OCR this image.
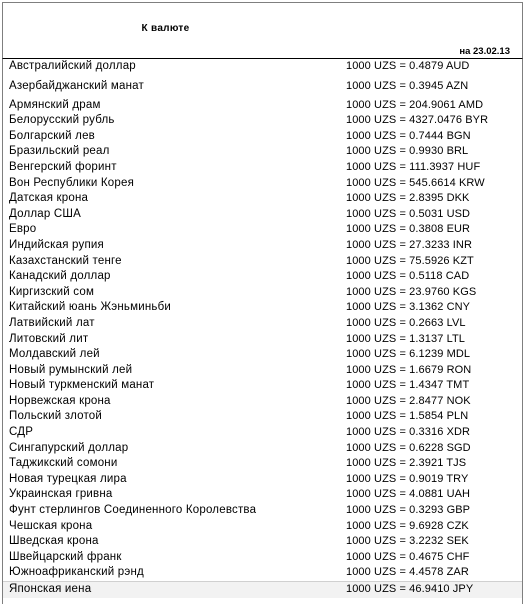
К валюте
на 23.02.13
Австралийский доллар	1000 UZS = 0.4879 AUD
Азербайджанский манат	1000 UZS = 0.3945 AZN
Армянский драм	1000 UZS = 204.9061 AMD
Белорусский рубль	1000 UZS = 4327.0476 BYR
Болгарский лев	1000 UZS = 0.7444 BGN
Бразильский реал	1000 UZS = 0.9930 BRL
Венгерский форинт	1000 UZS = 111.3937 HUF
Вон Республики Корея	1000 UZS = 545.6614 KRW
Датская крона	1000 UZS = 2.8395 DKK
Доллар США	1000 UZS = 0.5031 USD
Евро	1000 UZS = 0.3808 EUR
Индийская рупия	1000 UZS = 27.3233 INR
Казахстанский тенге	1000 UZS = 75.5926 KZT
Канадский доллар	1000 UZS = 0.5118 CAD
Киргизский сом	1000 UZS = 23.9760 KGS
Китайский юань Жэньминьби	1000 UZS = 3.1362 CNY
Латвийский лат	1000 UZS = 0.2663 LVL
Литовский лит	1000 UZS = 1.3137 LTL
Молдавский лей	1000 UZS = 6.1239 MDL
Новый румынский лей	1000 UZS = 1.6679 RON
Новый туркменский манат	1000 UZS = 1.4347 TMT
Норвежская крона	1000 UZS = 2.8477 NOK
Польский злотой	1000 UZS = 1.5854 PLN
СДР	1000 UZS = 0.3316 XDR
Сингапурский доллар	1000 UZS = 0.6228 SGD
Таджикский сомони	1000 UZS = 2.3921 TJS
Новая турецкая лира	1000 UZS = 0.9019 TRY
Украинская гривна	1000 UZS = 4.0881 UAH
Фунт стерлингов Соединенного Королевства	1000 UZS = 0.3293 GBP
Чешская крона	1000 UZS = 9.6928 CZK
Шведская крона	1000 UZS = 3.2232 SEK
Швейцарский франк	1000 UZS = 0.4675 CHF
Южноафриканский рэнд	1000 UZS = 4.4578 ZAR
Японская иена	1000 UZS = 46.9410 JPY
